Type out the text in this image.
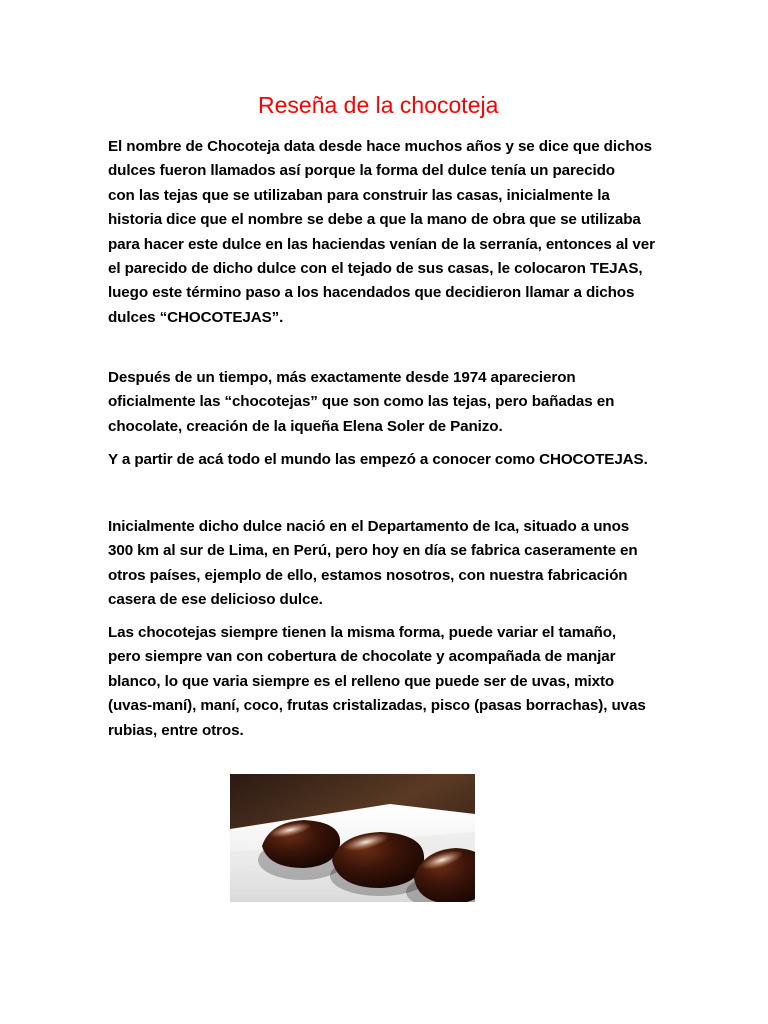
Reseña de la chocoteja
El nombre de Chocoteja data desde hace muchos años y se dice que dichos
dulces fueron llamados así porque la forma del dulce tenía un parecido
con las tejas que se utilizaban para construir las casas, inicialmente la
historia dice que el nombre se debe a que la mano de obra que se utilizaba
para hacer este dulce en las haciendas venían de la serranía, entonces al ver
el parecido de dicho dulce con el tejado de sus casas, le colocaron TEJAS,
luego este término paso a los hacendados que decidieron llamar a dichos
dulces “CHOCOTEJAS”.
Después de un tiempo, más exactamente desde 1974 aparecieron
oficialmente las “chocotejas” que son como las tejas, pero bañadas en
chocolate, creación de la iqueña Elena Soler de Panizo.
Y a partir de acá todo el mundo las empezó a conocer como CHOCOTEJAS.
Inicialmente dicho dulce nació en el Departamento de Ica, situado a unos
300 km al sur de Lima, en Perú, pero hoy en día se fabrica caseramente en
otros países, ejemplo de ello, estamos nosotros, con nuestra fabricación
casera de ese delicioso dulce.
Las chocotejas siempre tienen la misma forma, puede variar el tamaño,
pero siempre van con cobertura de chocolate y acompañada de manjar
blanco, lo que varia siempre es el relleno que puede ser de uvas, mixto
(uvas-maní), maní, coco, frutas cristalizadas, pisco (pasas borrachas), uvas
rubias, entre otros.
